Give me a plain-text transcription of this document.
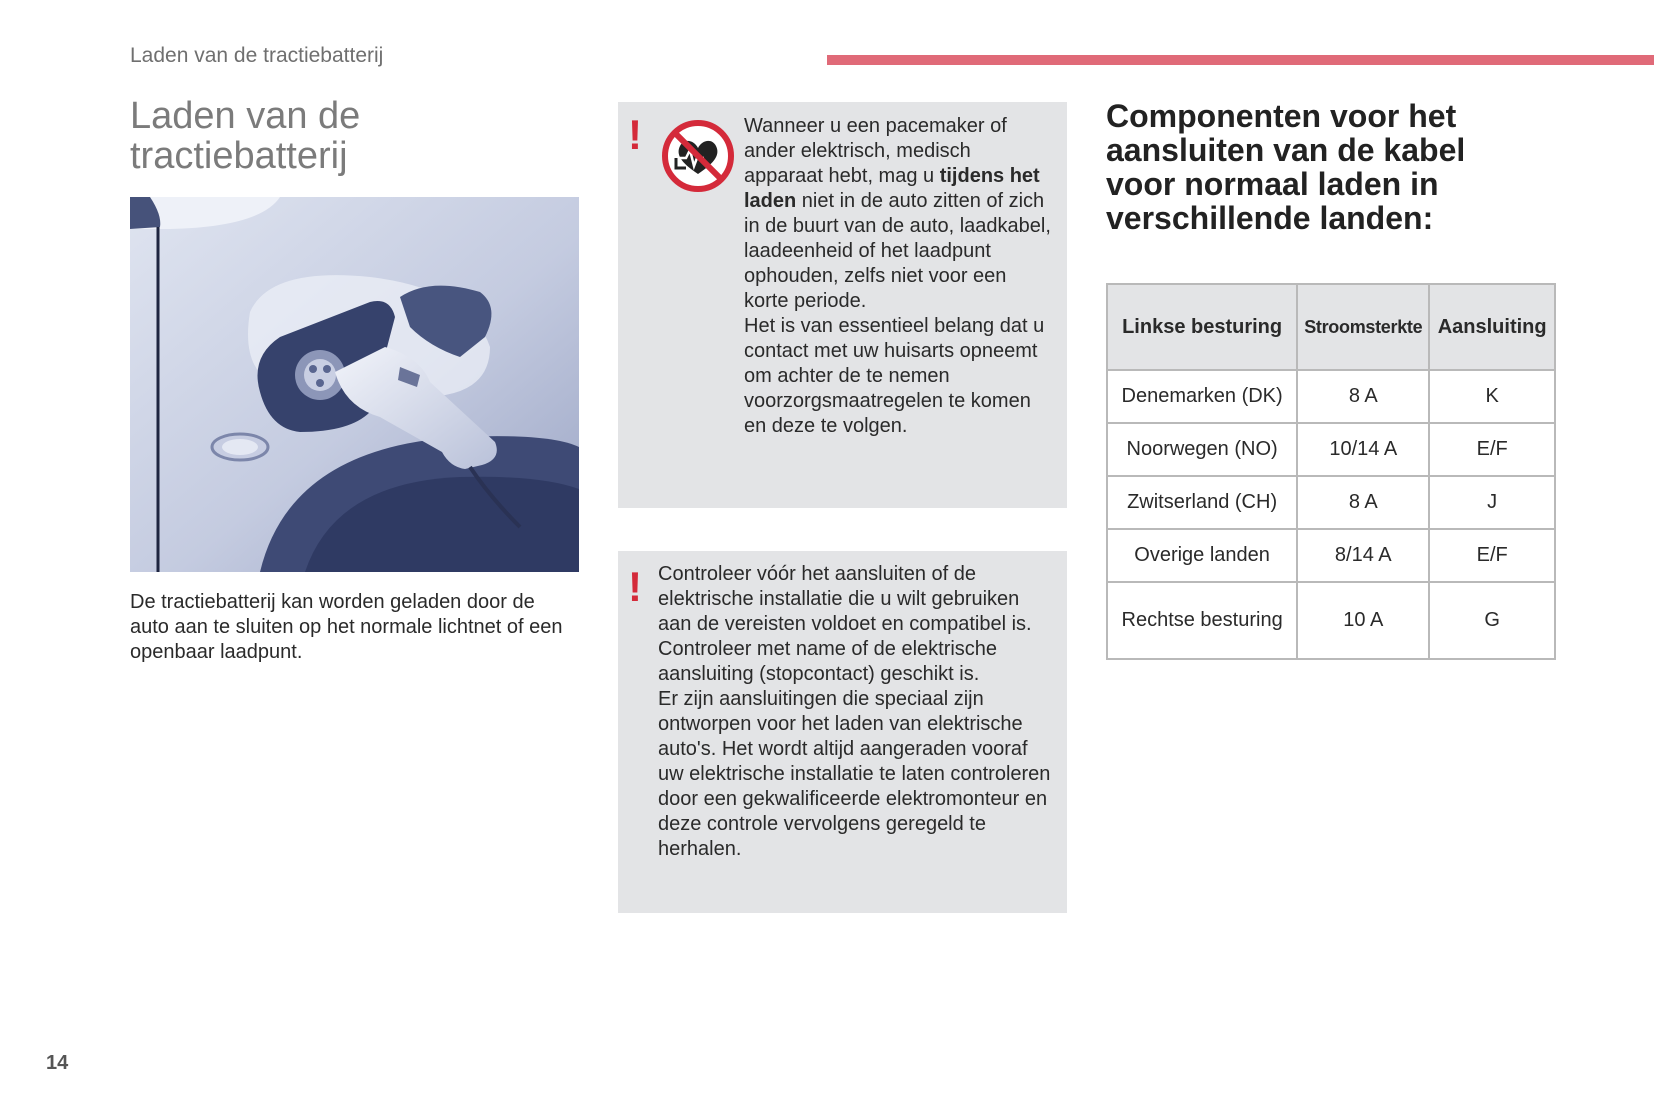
Laden van de tractiebatterij
Laden van de tractiebatterij
De tractiebatterij kan worden geladen door de auto aan te sluiten op het normale lichtnet of een openbaar laadpunt.
!	Wanneer u een pacemaker of ander elektrisch, medisch apparaat hebt, mag u tijdens het laden niet in de auto zitten of zich in de buurt van de auto, laadkabel, laadeenheid of het laadpunt ophouden, zelfs niet voor een korte periode.
Het is van essentieel belang dat u contact met uw huisarts opneemt om achter de te nemen voorzorgsmaatregelen te komen en deze te volgen.
! Controleer vóór het aansluiten of de elektrische installatie die u wilt gebruiken aan de vereisten voldoet en compatibel is. Controleer met name of de elektrische aansluiting (stopcontact) geschikt is.
Er zijn aansluitingen die speciaal zijn ontworpen voor het laden van elektrische auto's. Het wordt altijd aangeraden vooraf uw elektrische installatie te laten controleren door een gekwalificeerde elektromonteur en deze controle vervolgens geregeld te herhalen.
Componenten voor het aansluiten van de kabel voor normaal laden in verschillende landen:
Linkse besturing	Stroomsterkte	Aansluiting
Denemarken (DK)	8 A	K
Noorwegen (NO)	10/14 A	E/F
Zwitserland (CH)	8 A	J
Overige landen	8/14 A	E/F
Rechtse besturing	10 A	G
14
